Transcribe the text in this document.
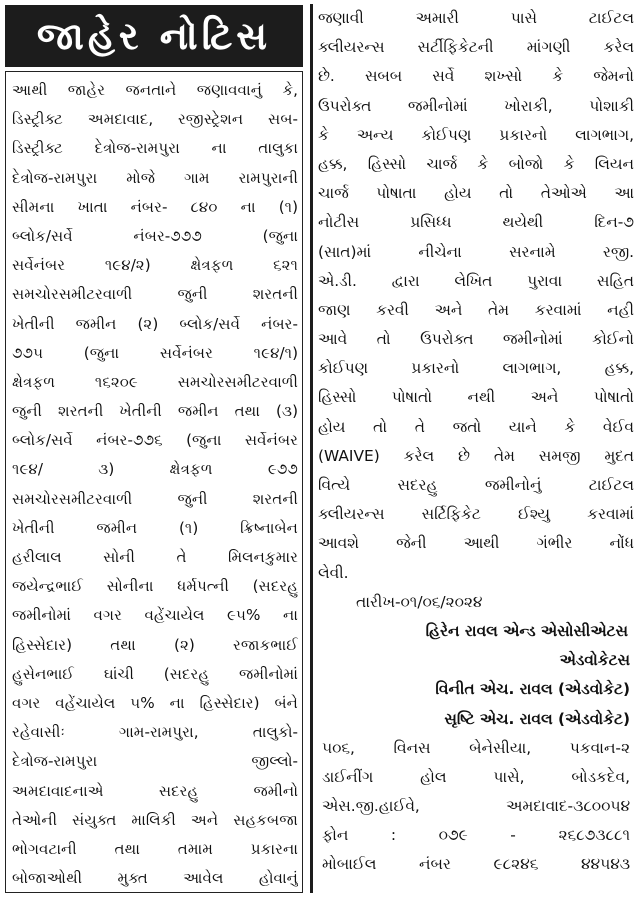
જાહેર નોટિસ
આથી જાહેર જનતાને જણાવવાનું કે,
ડિસ્ટ્રીક્ટ અમદાવાદ, રજીસ્ટ્રેશન સબ-
ડિસ્ટ્રીક્ટ દેત્રોજ-રામપુરા ના તાલુકા
દેત્રોજ-રામપુરા મોજે ગામ રામપુરાની
સીમના ખાતા નંબર- ૮૪૦ ના (૧)
બ્લોક/સર્વે નંબર-૭૭૭ (જુના
સર્વેનંબર ૧૯૪/૨) ક્ષેત્રફળ ૬૨૧
સમચોરસમીટરવાળી જુની શરતની
ખેતીની જમીન (૨) બ્લોક/સર્વે નંબર-
૭૭૫ (જુના સર્વેનંબર ૧૯૪/૧)
ક્ષેત્રફળ ૧૬૨૦૯ સમચોરસમીટરવાળી
જુની શરતની ખેતીની જમીન તથા (૩)
બ્લોક/સર્વે નંબર-૭૭૬ (જુના સર્વેનંબર
૧૯૪/ ૩) ક્ષેત્રફળ ૯૭૭
સમચોરસમીટરવાળી જુની શરતની
ખેતીની જમીન (૧) ક્રિષ્નાબેન
હરીલાલ સોની તે મિલનકુમાર
જયેન્દ્રભાઈ સોનીના ધર્મપત્ની (સદરહુ
જમીનોમાં વગર વહેંચાયેલ ૯૫% ના
હિસ્સેદાર) તથા (૨) રજાકભાઈ
હુસેનભાઈ ઘાંચી (સદરહુ જમીનોમાં
વગર વહેંચાયેલ ૫% ના હિસ્સેદાર) બંને
રહેવાસીઃ ગામ-રામપુરા, તાલુકો-
દેત્રોજ-રામપુરા જીલ્લો-
અમદાવાદનાએ સદરહુ જમીનો
તેઓની સંયુક્ત માલિકી અને સહકબજા
ભોગવટાની તથા તમામ પ્રકારના
બોજાઓથી મુક્ત આવેલ હોવાનું
જણાવી અમારી પાસે ટાઈટલ
ક્લીયરન્સ સર્ટીફિકેટની માંગણી કરેલ
છે. સબબ સર્વે શખ્સો કે જેમનો
ઉપરોક્ત જમીનોમાં ખોરાકી, પોશાકી
કે અન્ય કોઈપણ પ્રકારનો લાગભાગ,
હક્ક, હિસ્સો ચાર્જ કે બોજો કે લિયન
ચાર્જ પોષાતા હોય તો તેઓએ આ
નોટીસ પ્રસિધ્ધ થયેથી દિન-૭
(સાત)માં નીચેના સરનામે રજી.
એ.ડી. દ્વારા લેખિત પુરાવા સહિત
જાણ કરવી અને તેમ કરવામાં નહી
આવે તો ઉપરોક્ત જમીનોમાં કોઈનો
કોઈપણ પ્રકારનો લાગભાગ, હક્ક,
હિસ્સો પોષાતો નથી અને પોષાતો
હોય તો તે જતો યાને કે વેઈવ
(WAIVE) કરેલ છે તેમ સમજી મુદત
વિત્યે સદરહુ જમીનોનું ટાઈટલ
ક્લીયરન્સ સર્ટિફિકેટ ઈશ્યુ કરવામાં
આવશે જેની આથી ગંભીર નોંધ
લેવી.
તારીખ-૦૧/૦૬/૨૦૨૪
હિરેન રાવલ એન્ડ એસોસીએટસ
એડવોકેટસ
વિનીત એચ. રાવલ (એડવોકેટ)
સૃષ્ટિ એચ. રાવલ (એડવોકેટ)
૫૦૬, વિનસ બેનેસીયા, પકવાન-૨
ડાઈનીંગ હોલ પાસે, બોડકદેવ,
એસ.જી.હાઈવે, અમદાવાદ-૩૮૦૦૫૪
ફોન : ૦૭૯ - ૨૬૮૭૩૮૮૧
મોબાઈલ નંબર ૯૮૨૪૬ ૪૪૫૪૩
